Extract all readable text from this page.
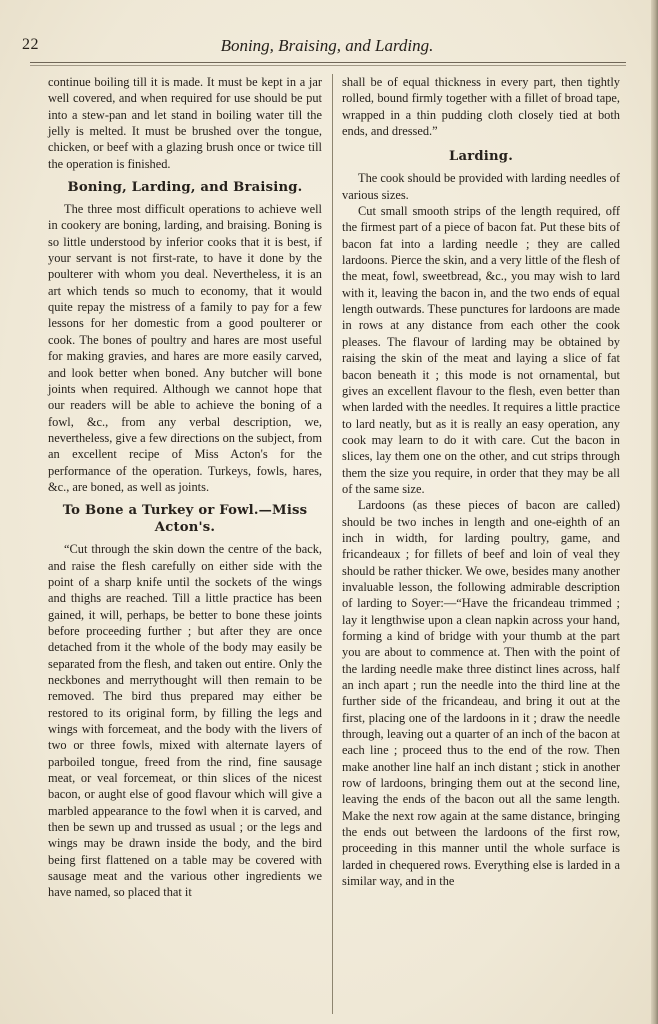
22	Boning, Braising, and Larding.

continue boiling till it is made. It must be kept in a jar well covered, and when required for use should be put into a stew-pan and let stand in boiling water till the jelly is melted. It must be brushed over the tongue, chicken, or beef with a glazing brush once or twice till the operation is finished.

Boning, Larding, and Braising.

The three most difficult operations to achieve well in cookery are boning, larding, and braising. Boning is so little understood by inferior cooks that it is best, if your servant is not first-rate, to have it done by the poulterer with whom you deal. Nevertheless, it is an art which tends so much to economy, that it would quite repay the mistress of a family to pay for a few lessons for her domestic from a good poulterer or cook. The bones of poultry and hares are most useful for making gravies, and hares are more easily carved, and look better when boned. Any butcher will bone joints when required. Although we cannot hope that our readers will be able to achieve the boning of a fowl, &c., from any verbal description, we, nevertheless, give a few directions on the subject, from an excellent recipe of Miss Acton's for the performance of the operation. Turkeys, fowls, hares, &c., are boned, as well as joints.

To Bone a Turkey or Fowl.—Miss Acton's.

“Cut through the skin down the centre of the back, and raise the flesh carefully on either side with the point of a sharp knife until the sockets of the wings and thighs are reached. Till a little practice has been gained, it will, perhaps, be better to bone these joints before proceeding further ; but after they are once detached from it the whole of the body may easily be separated from the flesh, and taken out entire. Only the neckbones and merrythought will then remain to be removed. The bird thus prepared may either be restored to its original form, by filling the legs and wings with forcemeat, and the body with the livers of two or three fowls, mixed with alternate layers of parboiled tongue, freed from the rind, fine sausage meat, or veal forcemeat, or thin slices of the nicest bacon, or aught else of good flavour which will give a marbled appearance to the fowl when it is carved, and then be sewn up and trussed as usual ; or the legs and wings may be drawn inside the body, and the bird being first flattened on a table may be covered with sausage meat and the various other ingredients we have named, so placed that it

shall be of equal thickness in every part, then tightly rolled, bound firmly together with a fillet of broad tape, wrapped in a thin pudding cloth closely tied at both ends, and dressed.”

Larding.

The cook should be provided with larding needles of various sizes.

Cut small smooth strips of the length required, off the firmest part of a piece of bacon fat. Put these bits of bacon fat into a larding needle ; they are called lardoons. Pierce the skin, and a very little of the flesh of the meat, fowl, sweetbread, &c., you may wish to lard with it, leaving the bacon in, and the two ends of equal length outwards. These punctures for lardoons are made in rows at any distance from each other the cook pleases. The flavour of larding may be obtained by raising the skin of the meat and laying a slice of fat bacon beneath it ; this mode is not ornamental, but gives an excellent flavour to the flesh, even better than when larded with the needles. It requires a little practice to lard neatly, but as it is really an easy operation, any cook may learn to do it with care. Cut the bacon in slices, lay them one on the other, and cut strips through them the size you require, in order that they may be all of the same size.

Lardoons (as these pieces of bacon are called) should be two inches in length and one-eighth of an inch in width, for larding poultry, game, and fricandeaux ; for fillets of beef and loin of veal they should be rather thicker. We owe, besides many another invaluable lesson, the following admirable description of larding to Soyer:—“Have the fricandeau trimmed ; lay it lengthwise upon a clean napkin across your hand, forming a kind of bridge with your thumb at the part you are about to commence at. Then with the point of the larding needle make three distinct lines across, half an inch apart ; run the needle into the third line at the further side of the fricandeau, and bring it out at the first, placing one of the lardoons in it ; draw the needle through, leaving out a quarter of an inch of the bacon at each line ; proceed thus to the end of the row. Then make another line half an inch distant ; stick in another row of lardoons, bringing them out at the second line, leaving the ends of the bacon out all the same length. Make the next row again at the same distance, bringing the ends out between the lardoons of the first row, proceeding in this manner until the whole surface is larded in chequered rows. Everything else is larded in a similar way, and in the
